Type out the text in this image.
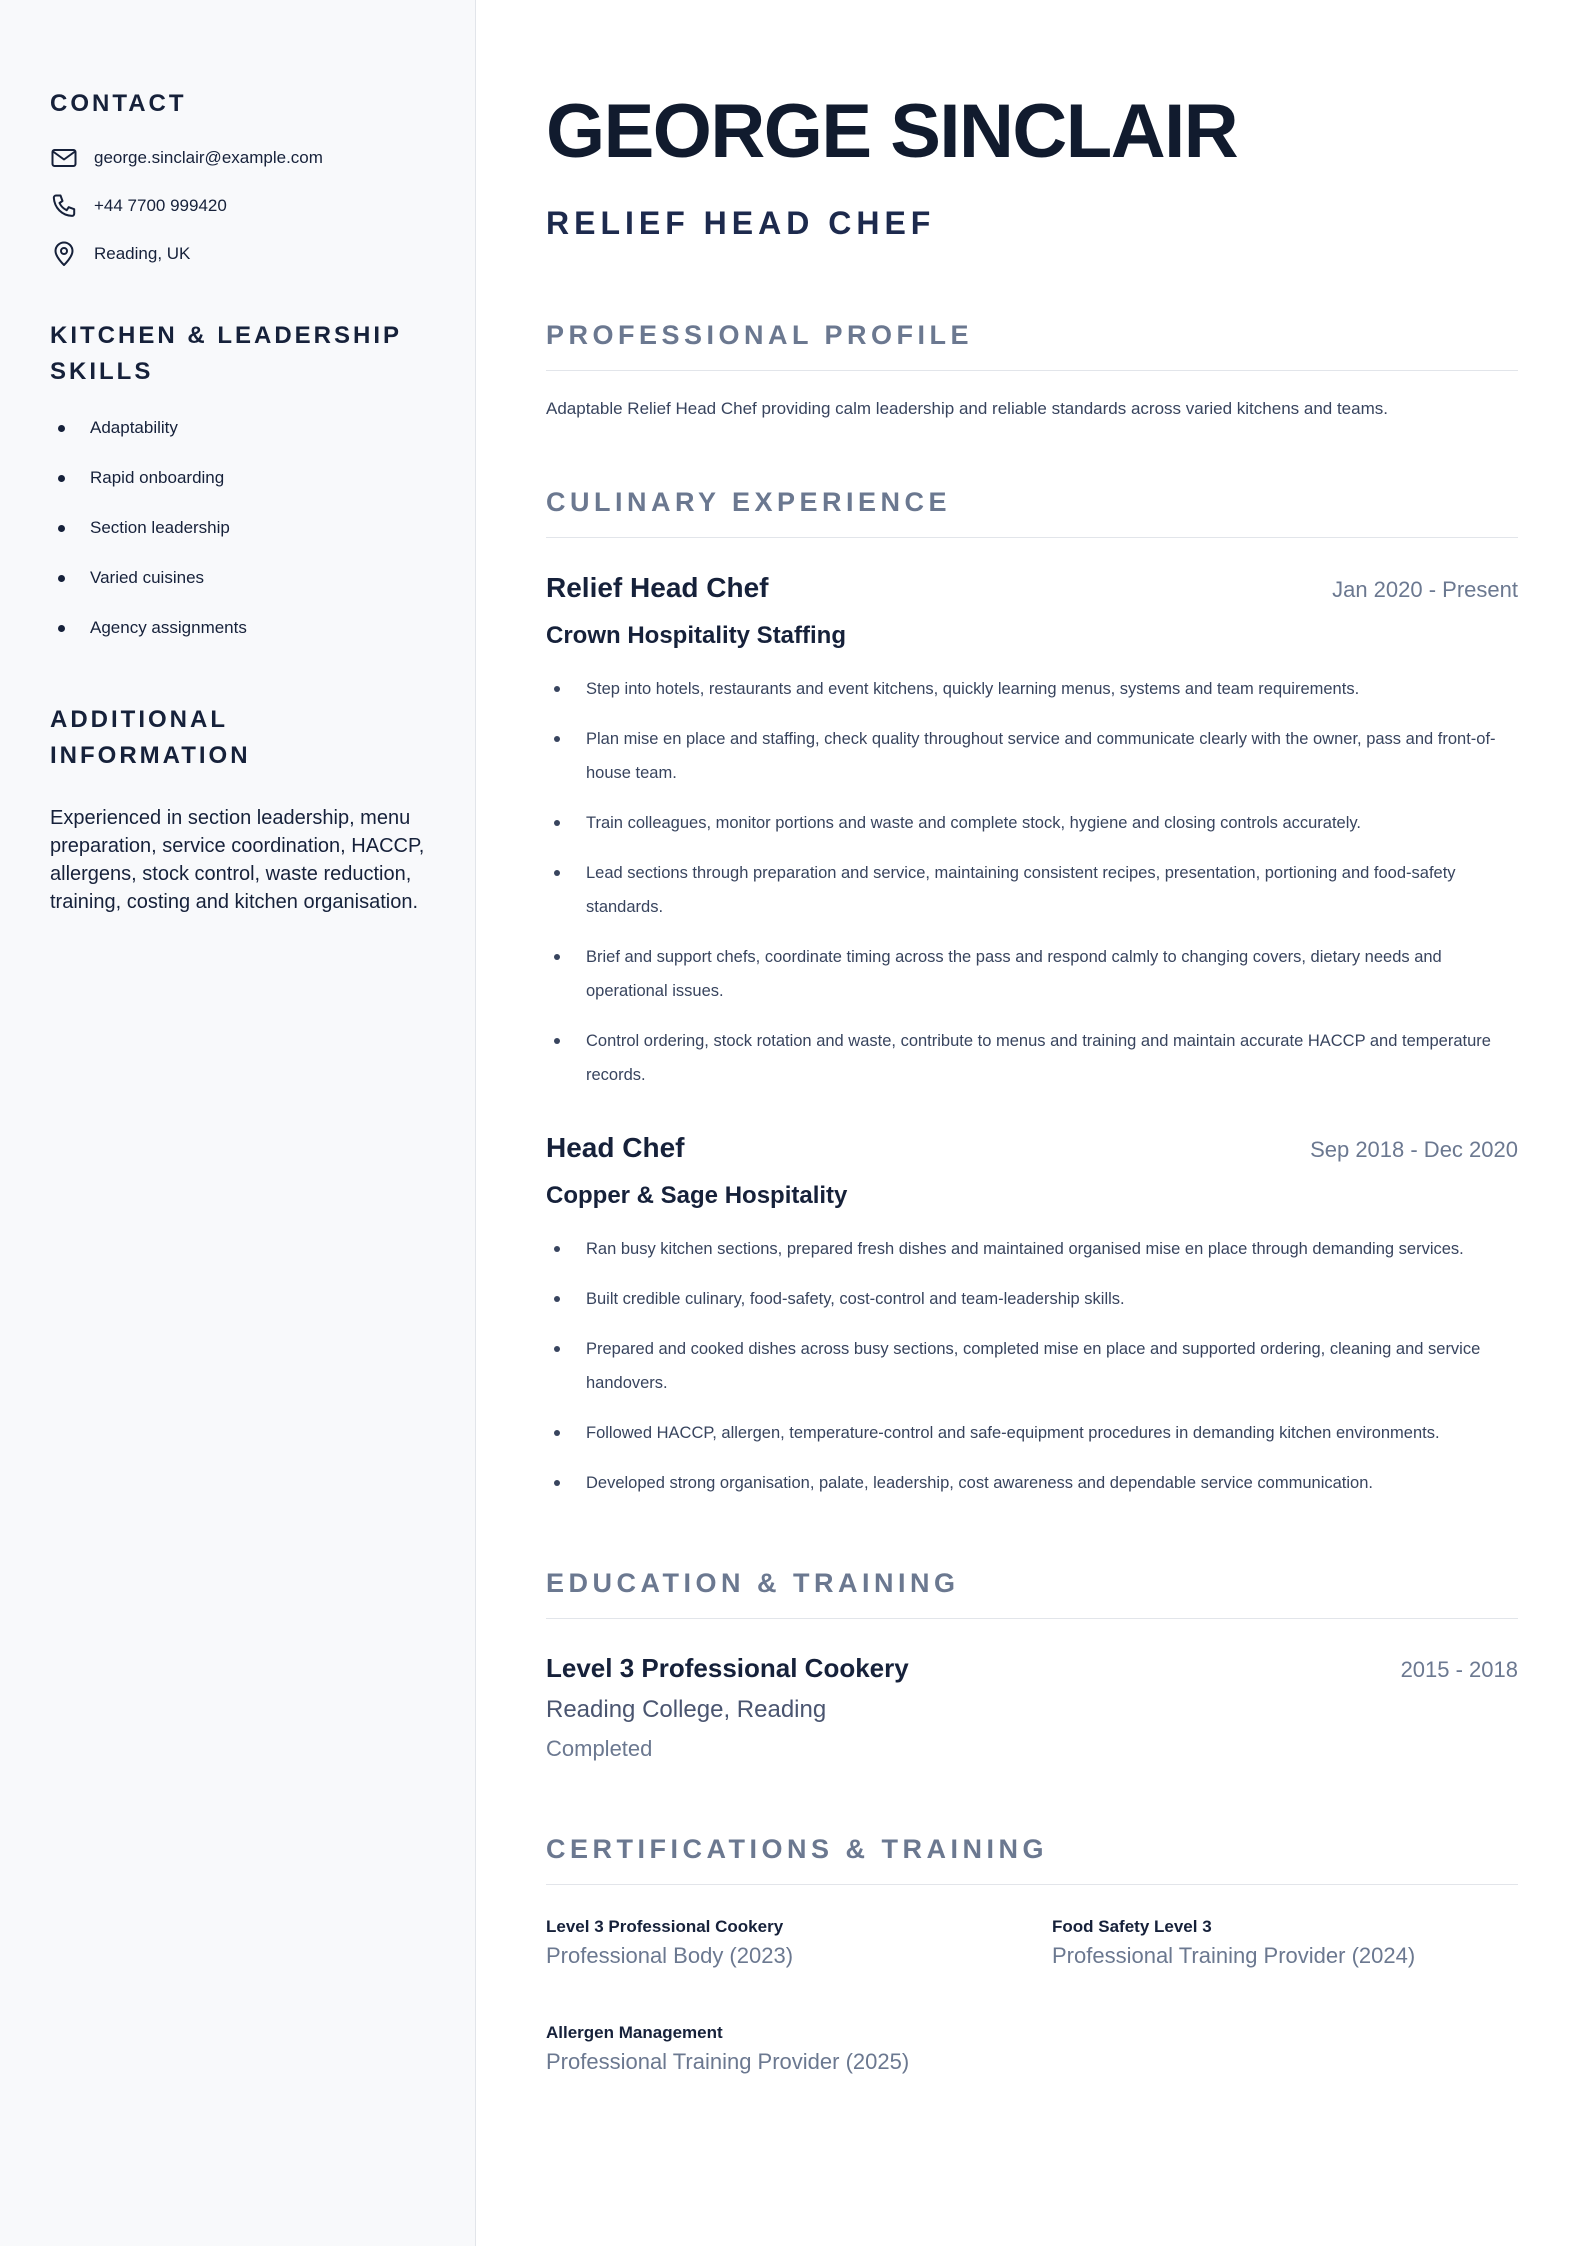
CONTACT
george.sinclair@example.com
+44 7700 999420
Reading, UK
KITCHEN & LEADERSHIP SKILLS
Adaptability
Rapid onboarding
Section leadership
Varied cuisines
Agency assignments
ADDITIONAL INFORMATION

Experienced in section leadership, menu preparation, service coordination, HACCP, allergens, stock control, waste reduction, training, costing and kitchen organisation.

GEORGE SINCLAIR
RELIEF HEAD CHEF
PROFESSIONAL PROFILE

Adaptable Relief Head Chef providing calm leadership and reliable standards across varied kitchens and teams.

CULINARY EXPERIENCE
Relief Head Chef	Jan 2020 - Present
Crown Hospitality Staffing
Step into hotels, restaurants and event kitchens, quickly learning menus, systems and team requirements.
Plan mise en place and staffing, check quality throughout service and communicate clearly with the owner, pass and front-of-house team.
Train colleagues, monitor portions and waste and complete stock, hygiene and closing controls accurately.
Lead sections through preparation and service, maintaining consistent recipes, presentation, portioning and food-safety standards.
Brief and support chefs, coordinate timing across the pass and respond calmly to changing covers, dietary needs and operational issues.
Control ordering, stock rotation and waste, contribute to menus and training and maintain accurate HACCP and temperature records.
Head Chef	Sep 2018 - Dec 2020
Copper & Sage Hospitality
Ran busy kitchen sections, prepared fresh dishes and maintained organised mise en place through demanding services.
Built credible culinary, food-safety, cost-control and team-leadership skills.
Prepared and cooked dishes across busy sections, completed mise en place and supported ordering, cleaning and service handovers.
Followed HACCP, allergen, temperature-control and safe-equipment procedures in demanding kitchen environments.
Developed strong organisation, palate, leadership, cost awareness and dependable service communication.
EDUCATION & TRAINING
Level 3 Professional Cookery	2015 - 2018
Reading College, Reading
Completed
CERTIFICATIONS & TRAINING
Level 3 Professional Cookery
Professional Body (2023)
Food Safety Level 3
Professional Training Provider (2024)
Allergen Management
Professional Training Provider (2025)
